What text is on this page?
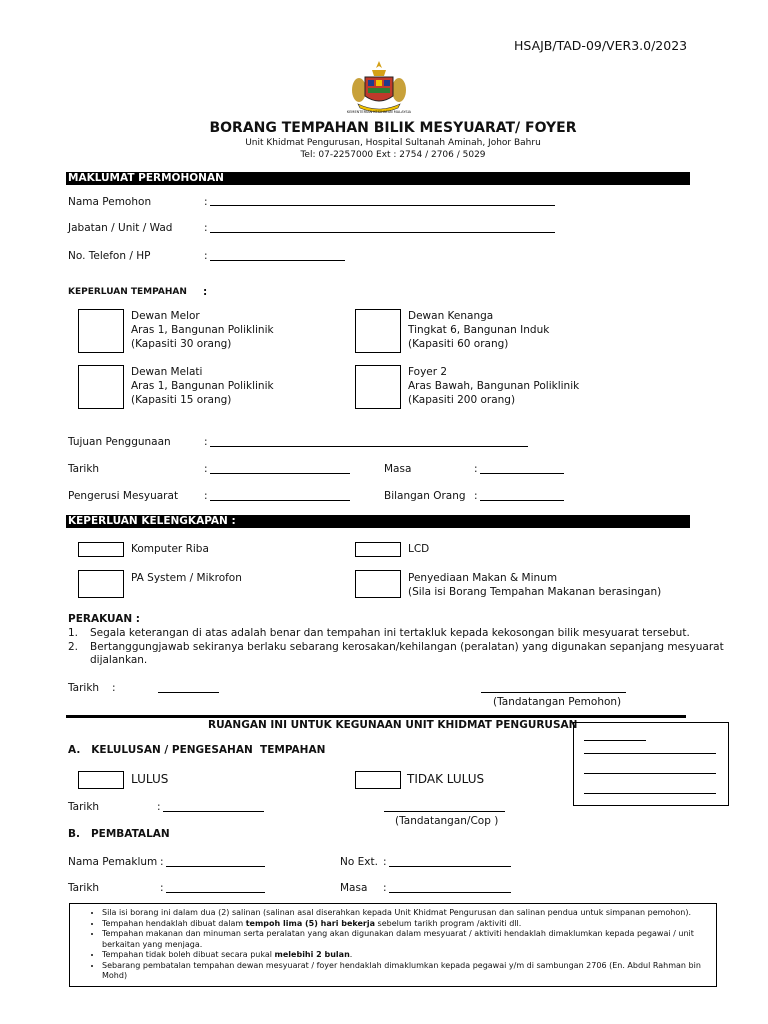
HSAJB/TAD-09/VER3.0/2023
KEMENTERIAN KESIHATAN MALAYSIA
BORANG TEMPAHAN BILIK MESYUARAT/ FOYER
Unit Khidmat Pengurusan, Hospital Sultanah Aminah, Johor Bahru
Tel: 07-2257000 Ext : 2754 / 2706 / 5029
MAKLUMAT PERMOHONAN
Nama Pemohon	:
Jabatan / Unit / Wad	:
No. Telefon / HP	:
KEPERLUAN TEMPAHAN :
Dewan Melor
Aras 1, Bangunan Poliklinik
(Kapasiti 30 orang)
Dewan Kenanga
Tingkat 6, Bangunan Induk
(Kapasiti 60 orang)
Dewan Melati
Aras 1, Bangunan Poliklinik
(Kapasiti 15 orang)
Foyer 2
Aras Bawah, Bangunan Poliklinik
(Kapasiti 200 orang)
Tujuan Penggunaan	:
Tarikh	:	Masa	:
Pengerusi Mesyuarat :	Bilangan Orang :
KEPERLUAN KELENGKAPAN :
Komputer Riba	LCD
PA System / Mikrofon	Penyediaan Makan & Minum
(Sila isi Borang Tempahan Makanan berasingan)
PERAKUAN :
1. Segala keterangan di atas adalah benar dan tempahan ini tertakluk kepada kekosongan bilik mesyuarat tersebut.
2. Bertanggungjawab sekiranya berlaku sebarang kerosakan/kehilangan (peralatan) yang digunakan sepanjang mesyuarat
dijalankan.
Tarikh :
(Tandatangan Pemohon)
RUANGAN INI UNTUK KEGUNAAN UNIT KHIDMAT PENGURUSAN
A.   KELULUSAN / PENGESAHAN  TEMPAHAN
LULUS	TIDAK LULUS
Tarikh	:
(Tandatangan/Cop )
B.   PEMBATALAN
Nama Pemaklum :	No Ext. :
Tarikh	:	Masa :
• Sila isi borang ini dalam dua (2) salinan (salinan asal diserahkan kepada Unit Khidmat Pengurusan dan salinan pendua untuk simpanan pemohon).
• Tempahan hendaklah dibuat dalam tempoh lima (5) hari bekerja sebelum tarikh program /aktiviti dll.
• Tempahan makanan dan minuman serta peralatan yang akan digunakan dalam mesyuarat / aktiviti hendaklah dimaklumkan kepada pegawai / unit berkaitan yang menjaga.
• Tempahan tidak boleh dibuat secara pukal melebihi 2 bulan.
• Sebarang pembatalan tempahan dewan mesyuarat / foyer hendaklah dimaklumkan kepada pegawai y/m di sambungan 2706 (En. Abdul Rahman bin Mohd)
